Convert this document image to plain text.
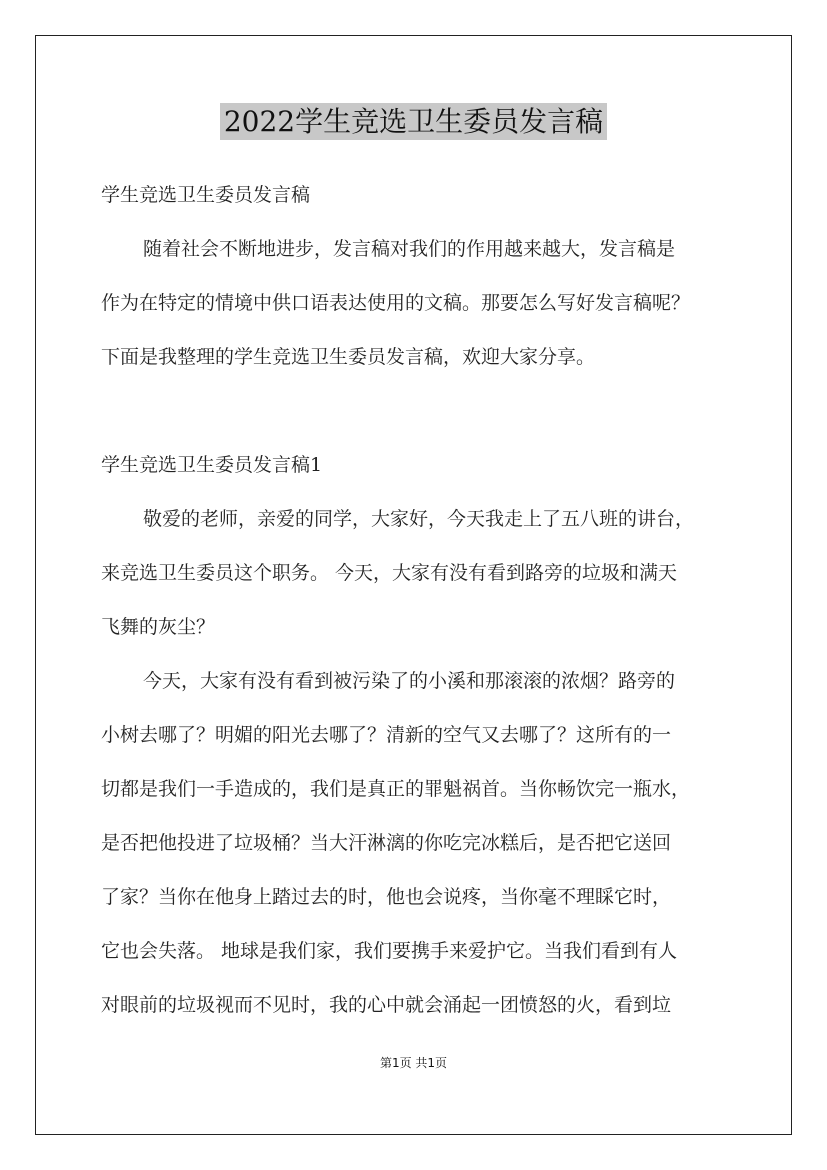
2022学生竞选卫生委员发言稿
学生竞选卫生委员发言稿
随着社会不断地进步，发言稿对我们的作用越来越大，发言稿是
作为在特定的情境中供口语表达使用的文稿。那要怎么写好发言稿呢？
下面是我整理的学生竞选卫生委员发言稿，欢迎大家分享。
学生竞选卫生委员发言稿1
敬爱的老师，亲爱的同学，大家好，今天我走上了五八班的讲台，
来竞选卫生委员这个职务。 今天，大家有没有看到路旁的垃圾和满天
飞舞的灰尘？
今天，大家有没有看到被污染了的小溪和那滚滚的浓烟？路旁的
小树去哪了？明媚的阳光去哪了？清新的空气又去哪了？这所有的一
切都是我们一手造成的，我们是真正的罪魁祸首。当你畅饮完一瓶水，
是否把他投进了垃圾桶？当大汗淋漓的你吃完冰糕后，是否把它送回
了家？当你在他身上踏过去的时，他也会说疼，当你毫不理睬它时，
它也会失落。 地球是我们家，我们要携手来爱护它。当我们看到有人
对眼前的垃圾视而不见时，我的心中就会涌起一团愤怒的火，看到垃
第1页 共1页
